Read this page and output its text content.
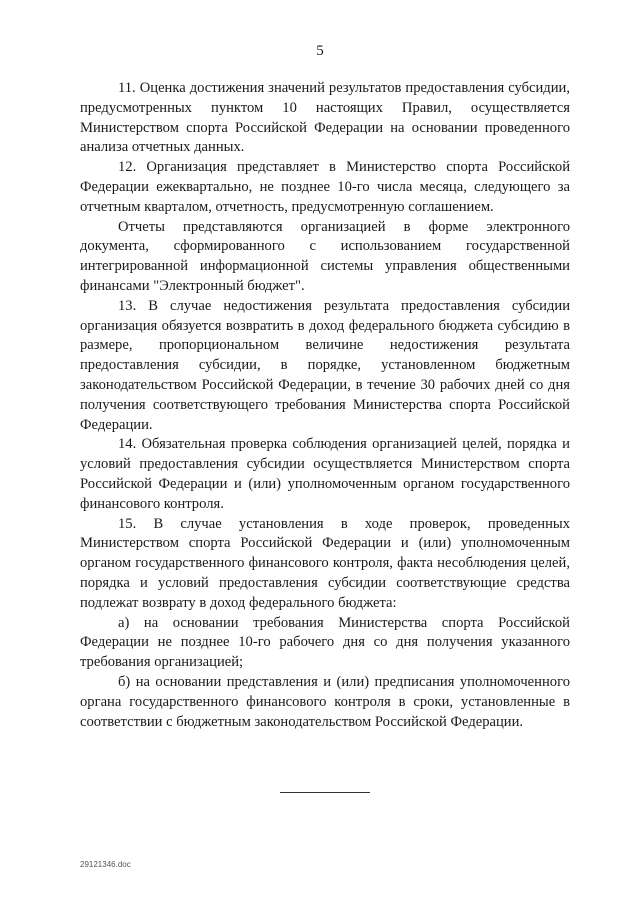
5

11. Оценка достижения значений результатов предоставления субсидии, предусмотренных пунктом 10 настоящих Правил, осуществляется Министерством спорта Российской Федерации на основании проведенного анализа отчетных данных.

12. Организация представляет в Министерство спорта Российской Федерации ежеквартально, не позднее 10-го числа месяца, следующего за отчетным кварталом, отчетность, предусмотренную соглашением.

Отчеты представляются организацией в форме электронного документа, сформированного с использованием государственной интегрированной информационной системы управления общественными финансами "Электронный бюджет".

13. В случае недостижения результата предоставления субсидии организация обязуется возвратить в доход федерального бюджета субсидию в размере, пропорциональном величине недостижения результата предоставления субсидии, в порядке, установленном бюджетным законодательством Российской Федерации, в течение 30 рабочих дней со дня получения соответствующего требования Министерства спорта Российской Федерации.

14. Обязательная проверка соблюдения организацией целей, порядка и условий предоставления субсидии осуществляется Министерством спорта Российской Федерации и (или) уполномоченным органом государственного финансового контроля.

15. В случае установления в ходе проверок, проведенных Министерством спорта Российской Федерации и (или) уполномоченным органом государственного финансового контроля, факта несоблюдения целей, порядка и условий предоставления субсидии соответствующие средства подлежат возврату в доход федерального бюджета:

а) на основании требования Министерства спорта Российской Федерации не позднее 10-го рабочего дня со дня получения указанного требования организацией;

б) на основании представления и (или) предписания уполномоченного органа государственного финансового контроля в сроки, установленные в соответствии с бюджетным законодательством Российской Федерации.

29121346.doc
